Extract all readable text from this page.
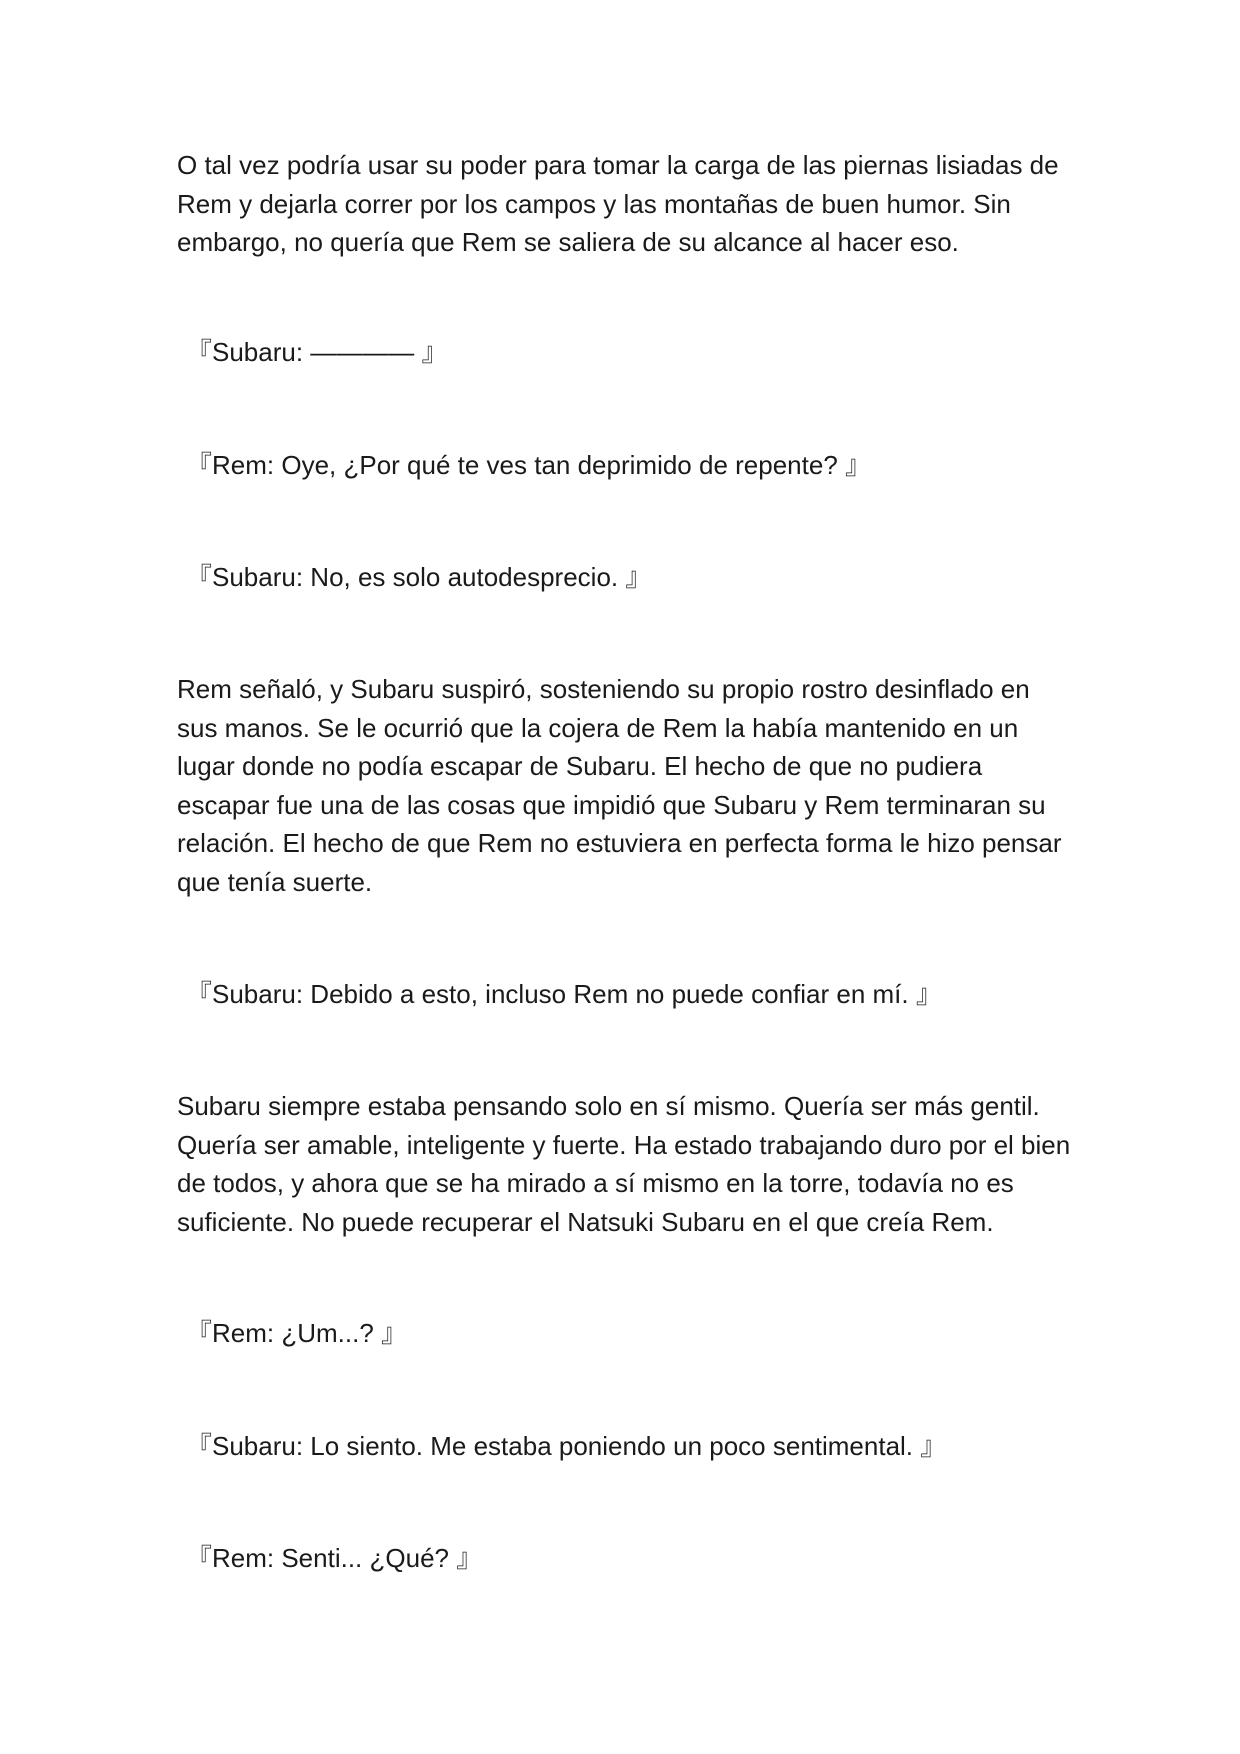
O tal vez podría usar su poder para tomar la carga de las piernas lisiadas de Rem y dejarla correr por los campos y las montañas de buen humor. Sin embargo, no quería que Rem se saliera de su alcance al hacer eso.

『Subaru: ———— 』

『Rem: Oye, ¿Por qué te ves tan deprimido de repente? 』

『Subaru: No, es solo autodesprecio. 』

Rem señaló, y Subaru suspiró, sosteniendo su propio rostro desinflado en sus manos. Se le ocurrió que la cojera de Rem la había mantenido en un lugar donde no podía escapar de Subaru. El hecho de que no pudiera escapar fue una de las cosas que impidió que Subaru y Rem terminaran su relación. El hecho de que Rem no estuviera en perfecta forma le hizo pensar que tenía suerte.

『Subaru: Debido a esto, incluso Rem no puede confiar en mí. 』

Subaru siempre estaba pensando solo en sí mismo. Quería ser más gentil. Quería ser amable, inteligente y fuerte. Ha estado trabajando duro por el bien de todos, y ahora que se ha mirado a sí mismo en la torre, todavía no es suficiente. No puede recuperar el Natsuki Subaru en el que creía Rem.

『Rem: ¿Um...? 』

『Subaru: Lo siento. Me estaba poniendo un poco sentimental. 』

『Rem: Senti... ¿Qué? 』
